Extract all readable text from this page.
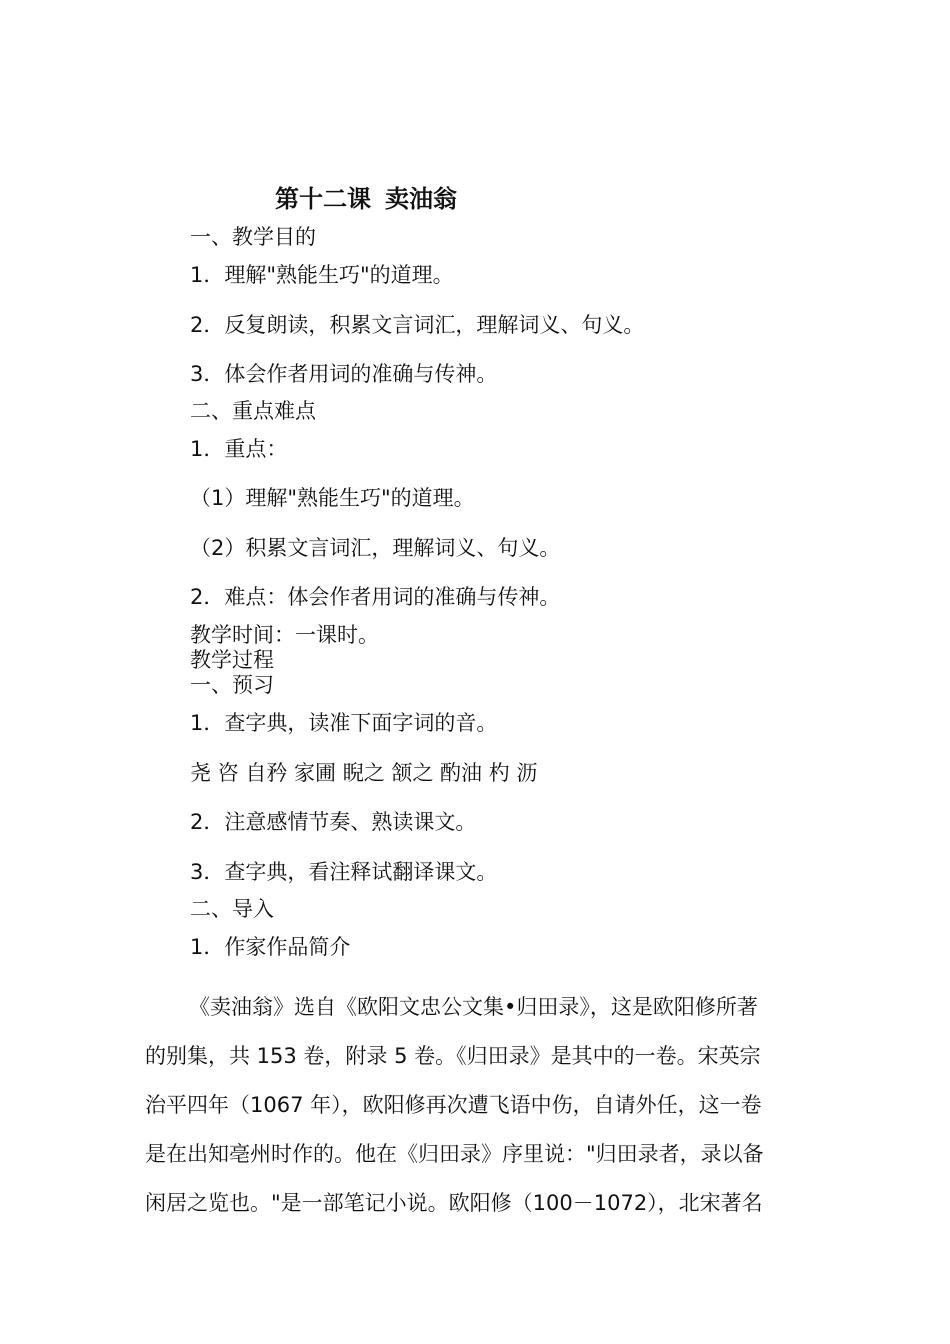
第十二课 卖油翁
一、教学目的
1．理解"熟能生巧"的道理。
2．反复朗读，积累文言词汇，理解词义、句义。
3．体会作者用词的准确与传神。
二、重点难点
1．重点：
（1）理解"熟能生巧"的道理。
（2）积累文言词汇，理解词义、句义。
2．难点：体会作者用词的准确与传神。
教学时间：一课时。
教学过程
一、预习
1．查字典，读准下面字词的音。
尧 咨 自矜 家圃 睨之 颔之 酌油 杓 沥
2．注意感情节奏、熟读课文。
3．查字典，看注释试翻译课文。
二、导入
1．作家作品简介
《卖油翁》选自《欧阳文忠公文集•归田录》，这是欧阳修所著
的别集，共 153 卷，附录 5 卷。《归田录》是其中的一卷。宋英宗
治平四年（1067 年），欧阳修再次遭飞语中伤，自请外任，这一卷
是在出知亳州时作的。他在《归田录》序里说："归田录者，录以备
闲居之览也。"是一部笔记小说。欧阳修（100－1072），北宋著名
